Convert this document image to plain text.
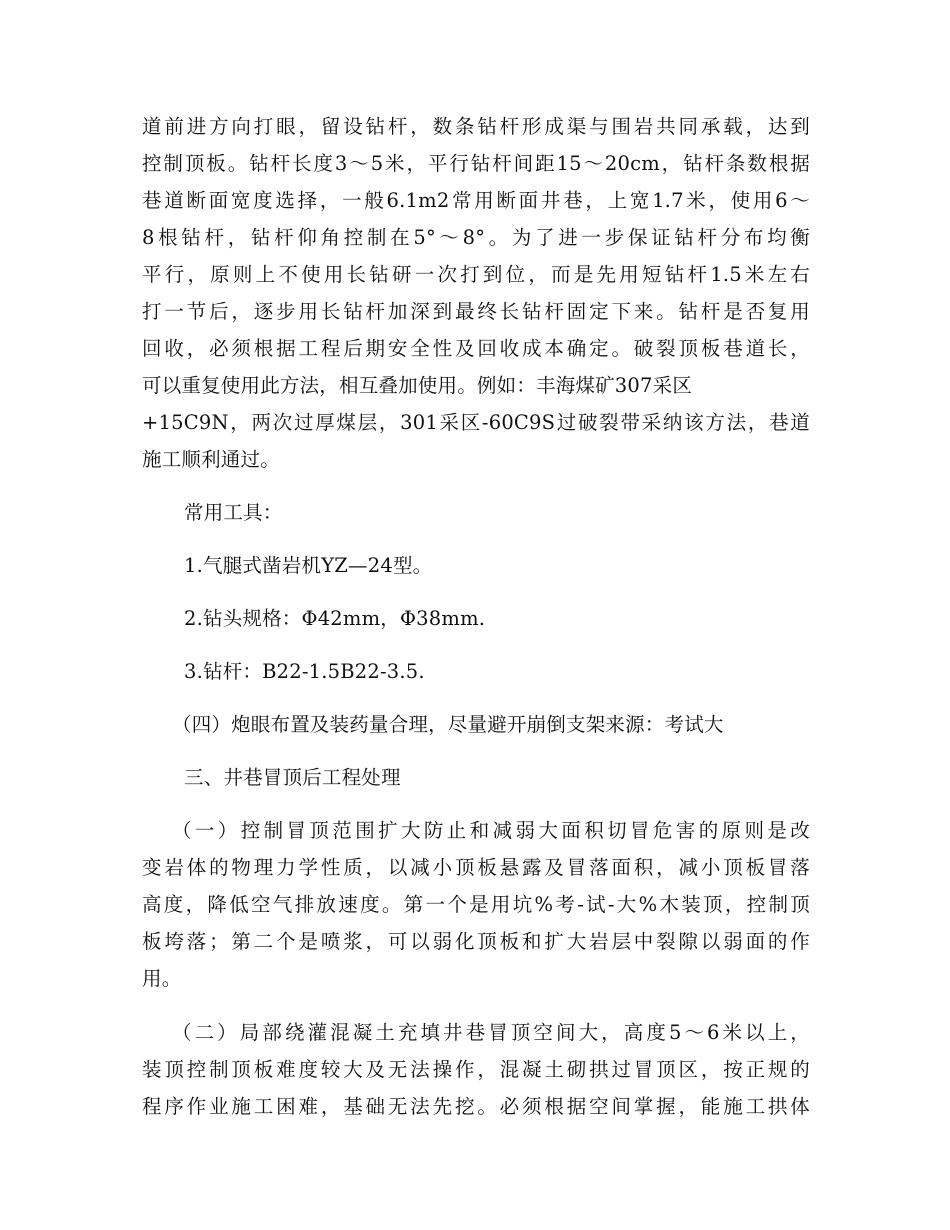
道前进方向打眼，留设钻杆，数条钻杆形成渠与围岩共同承载，达到
控制顶板。钻杆长度3～5米，平行钻杆间距15～20cm，钻杆条数根据
巷道断面宽度选择，一般6.1m2常用断面井巷，上宽1.7米，使用6～
8根钻杆，钻杆仰角控制在5°～8°。为了进一步保证钻杆分布均衡
平行，原则上不使用长钻研一次打到位，而是先用短钻杆1.5米左右
打一节后，逐步用长钻杆加深到最终长钻杆固定下来。钻杆是否复用
回收，必须根据工程后期安全性及回收成本确定。破裂顶板巷道长，
可以重复使用此方法，相互叠加使用。例如：丰海煤矿307采区
+15C9N，两次过厚煤层，301采区-60C9S过破裂带采纳该方法，巷道
施工顺利通过。
常用工具：
1.气腿式凿岩机YZ—24型。
2.钻头规格：Φ42mm，Φ38mm.
3.钻杆：B22-1.5B22-3.5.
（四）炮眼布置及装药量合理，尽量避开崩倒支架来源：考试大
三、井巷冒顶后工程处理
（一）控制冒顶范围扩大防止和减弱大面积切冒危害的原则是改
变岩体的物理力学性质，以减小顶板悬露及冒落面积，减小顶板冒落
高度，降低空气排放速度。第一个是用坑%考-试-大%木装顶，控制顶
板垮落；第二个是喷浆，可以弱化顶板和扩大岩层中裂隙以弱面的作
用。
（二）局部绕灌混凝土充填井巷冒顶空间大，高度5～6米以上，
装顶控制顶板难度较大及无法操作，混凝土砌拱过冒顶区，按正规的
程序作业施工困难，基础无法先挖。必须根据空间掌握，能施工拱体
